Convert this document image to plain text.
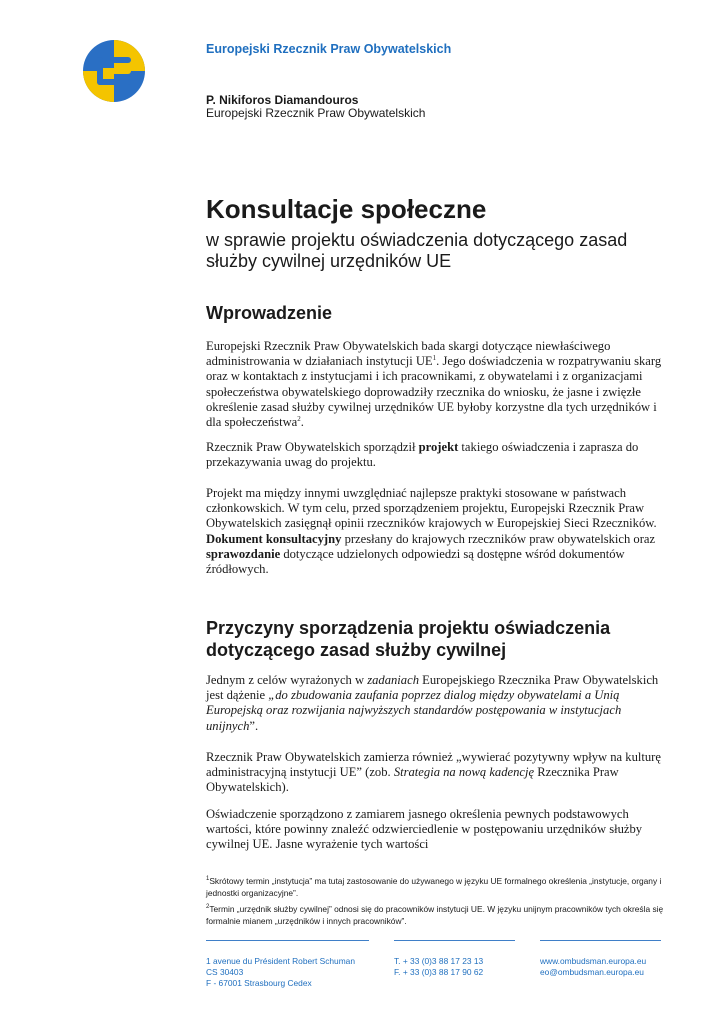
Europejski Rzecznik Praw Obywatelskich
P. Nikiforos Diamandouros
Europejski Rzecznik Praw Obywatelskich
Konsultacje społeczne
w sprawie projektu oświadczenia dotyczącego zasad służby cywilnej urzędników UE
Wprowadzenie

Europejski Rzecznik Praw Obywatelskich bada skargi dotyczące niewłaściwego administrowania w działaniach instytucji $UE^1$. Jego doświadczenia w rozpatrywaniu skarg oraz w kontaktach z instytucjami i ich pracownikami, z obywatelami i z organizacjami społeczeństwa obywatelskiego doprowadziły rzecznika do wniosku, że jasne i zwięzłe określenie zasad służby cywilnej urzędników UE byłoby korzystne dla tych urzędników i dla społeczeństwa$^2$.

Rzecznik Praw Obywatelskich sporządził projekt takiego oświadczenia i zaprasza do przekazywania uwag do projektu.

Projekt ma między innymi uwzględniać najlepsze praktyki stosowane w państwach członkowskich. W tym celu, przed sporządzeniem projektu, Europejski Rzecznik Praw Obywatelskich zasięgnął opinii rzeczników krajowych w Europejskiej Sieci Rzeczników. Dokument konsultacyjny przesłany do krajowych rzeczników praw obywatelskich oraz sprawozdanie dotyczące udzielonych odpowiedzi są dostępne wśród dokumentów źródłowych.

Przyczyny sporządzenia projektu oświadczenia dotyczącego zasad służby cywilnej

Jednym z celów wyrażonych w zadaniach Europejskiego Rzecznika Praw Obywatelskich jest dążenie „do zbudowania zaufania poprzez dialog między obywatelami a Unią Europejską oraz rozwijania najwyższych standardów postępowania w instytucjach unijnych”.

Rzecznik Praw Obywatelskich zamierza również „wywierać pozytywny wpływ na kulturę administracyjną instytucji UE” (zob. Strategia na nową kadencję Rzecznika Praw Obywatelskich).

Oświadczenie sporządzono z zamiarem jasnego określenia pewnych podstawowych wartości, które powinny znaleźć odzwierciedlenie w postępowaniu urzędników służby cywilnej UE. Jasne wyrażenie tych wartości

$^1$Skrótowy termin „instytucja” ma tutaj zastosowanie do używanego w języku UE formalnego określenia „instytucje, organy i jednostki organizacyjne”.
$^2$Termin „urzędnik służby cywilnej” odnosi się do pracowników instytucji UE. W języku unijnym pracowników tych określa się formalnie mianem „urzędników i innych pracowników”.
1 avenue du Président Robert Schuman
CS 30403
F - 67001 Strasbourg Cedex
T. + 33 (0)3 88 17 23 13
F. + 33 (0)3 88 17 90 62
www.ombudsman.europa.eu
eo@ombudsman.europa.eu
